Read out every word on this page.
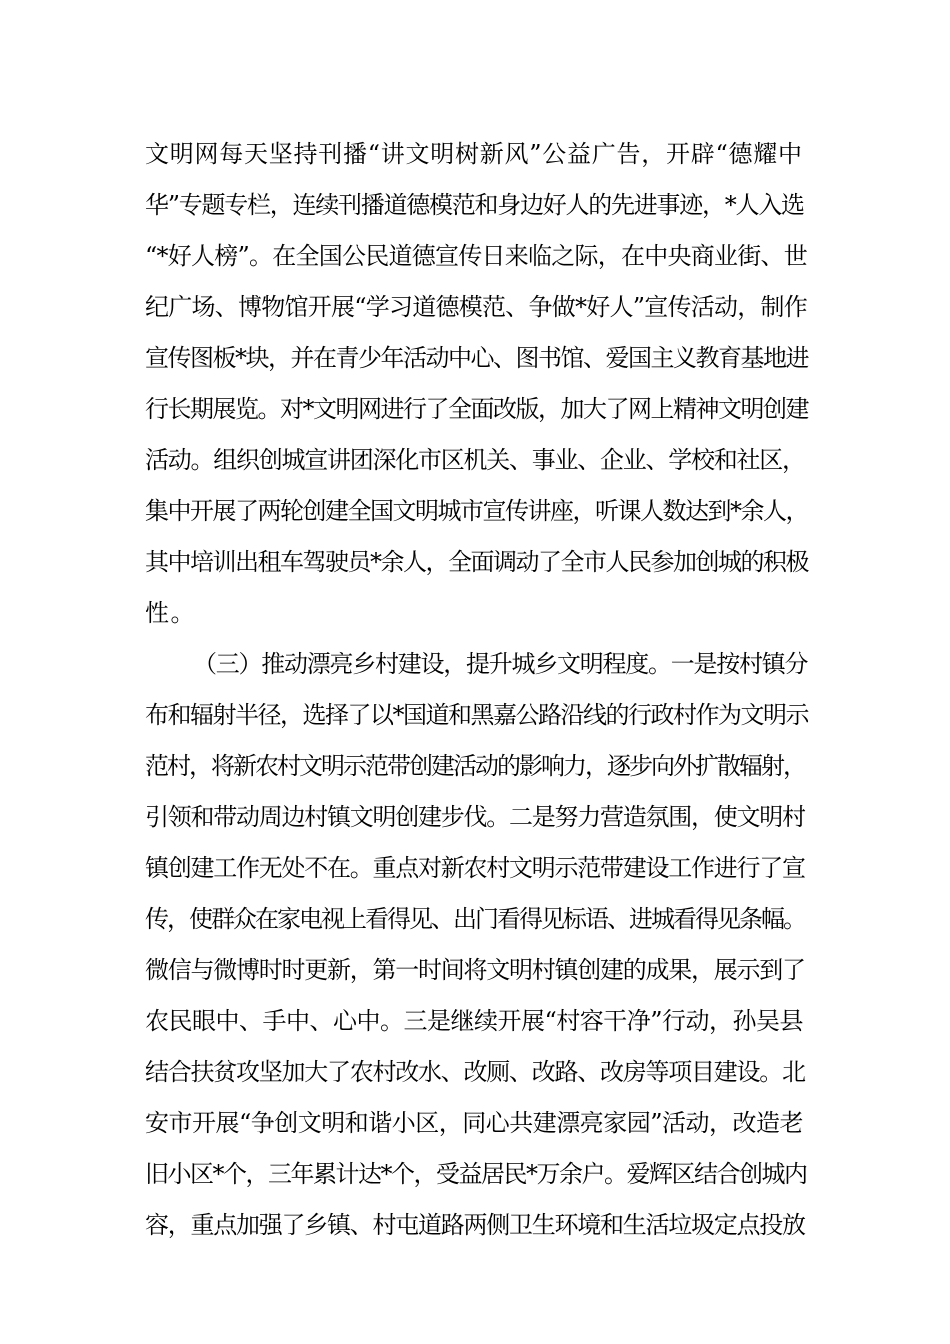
文明网每天坚持刊播“讲文明树新风”公益广告，开辟“德耀中
华”专题专栏，连续刊播道德模范和身边好人的先进事迹，*人入选
“*好人榜”。在全国公民道德宣传日来临之际，在中央商业街、世
纪广场、博物馆开展“学习道德模范、争做*好人”宣传活动，制作
宣传图板*块，并在青少年活动中心、图书馆、爱国主义教育基地进
行长期展览。对*文明网进行了全面改版，加大了网上精神文明创建
活动。组织创城宣讲团深化市区机关、事业、企业、学校和社区，
集中开展了两轮创建全国文明城市宣传讲座，听课人数达到*余人，
其中培训出租车驾驶员*余人，全面调动了全市人民参加创城的积极
性。
（三）推动漂亮乡村建设，提升城乡文明程度。一是按村镇分
布和辐射半径，选择了以*国道和黑嘉公路沿线的行政村作为文明示
范村，将新农村文明示范带创建活动的影响力，逐步向外扩散辐射，
引领和带动周边村镇文明创建步伐。二是努力营造氛围，使文明村
镇创建工作无处不在。重点对新农村文明示范带建设工作进行了宣
传，使群众在家电视上看得见、出门看得见标语、进城看得见条幅。
微信与微博时时更新，第一时间将文明村镇创建的成果，展示到了
农民眼中、手中、心中。三是继续开展“村容干净”行动，孙吴县
结合扶贫攻坚加大了农村改水、改厕、改路、改房等项目建设。北
安市开展“争创文明和谐小区，同心共建漂亮家园”活动，改造老
旧小区*个，三年累计达*个，受益居民*万余户。爱辉区结合创城内
容，重点加强了乡镇、村屯道路两侧卫生环境和生活垃圾定点投放
